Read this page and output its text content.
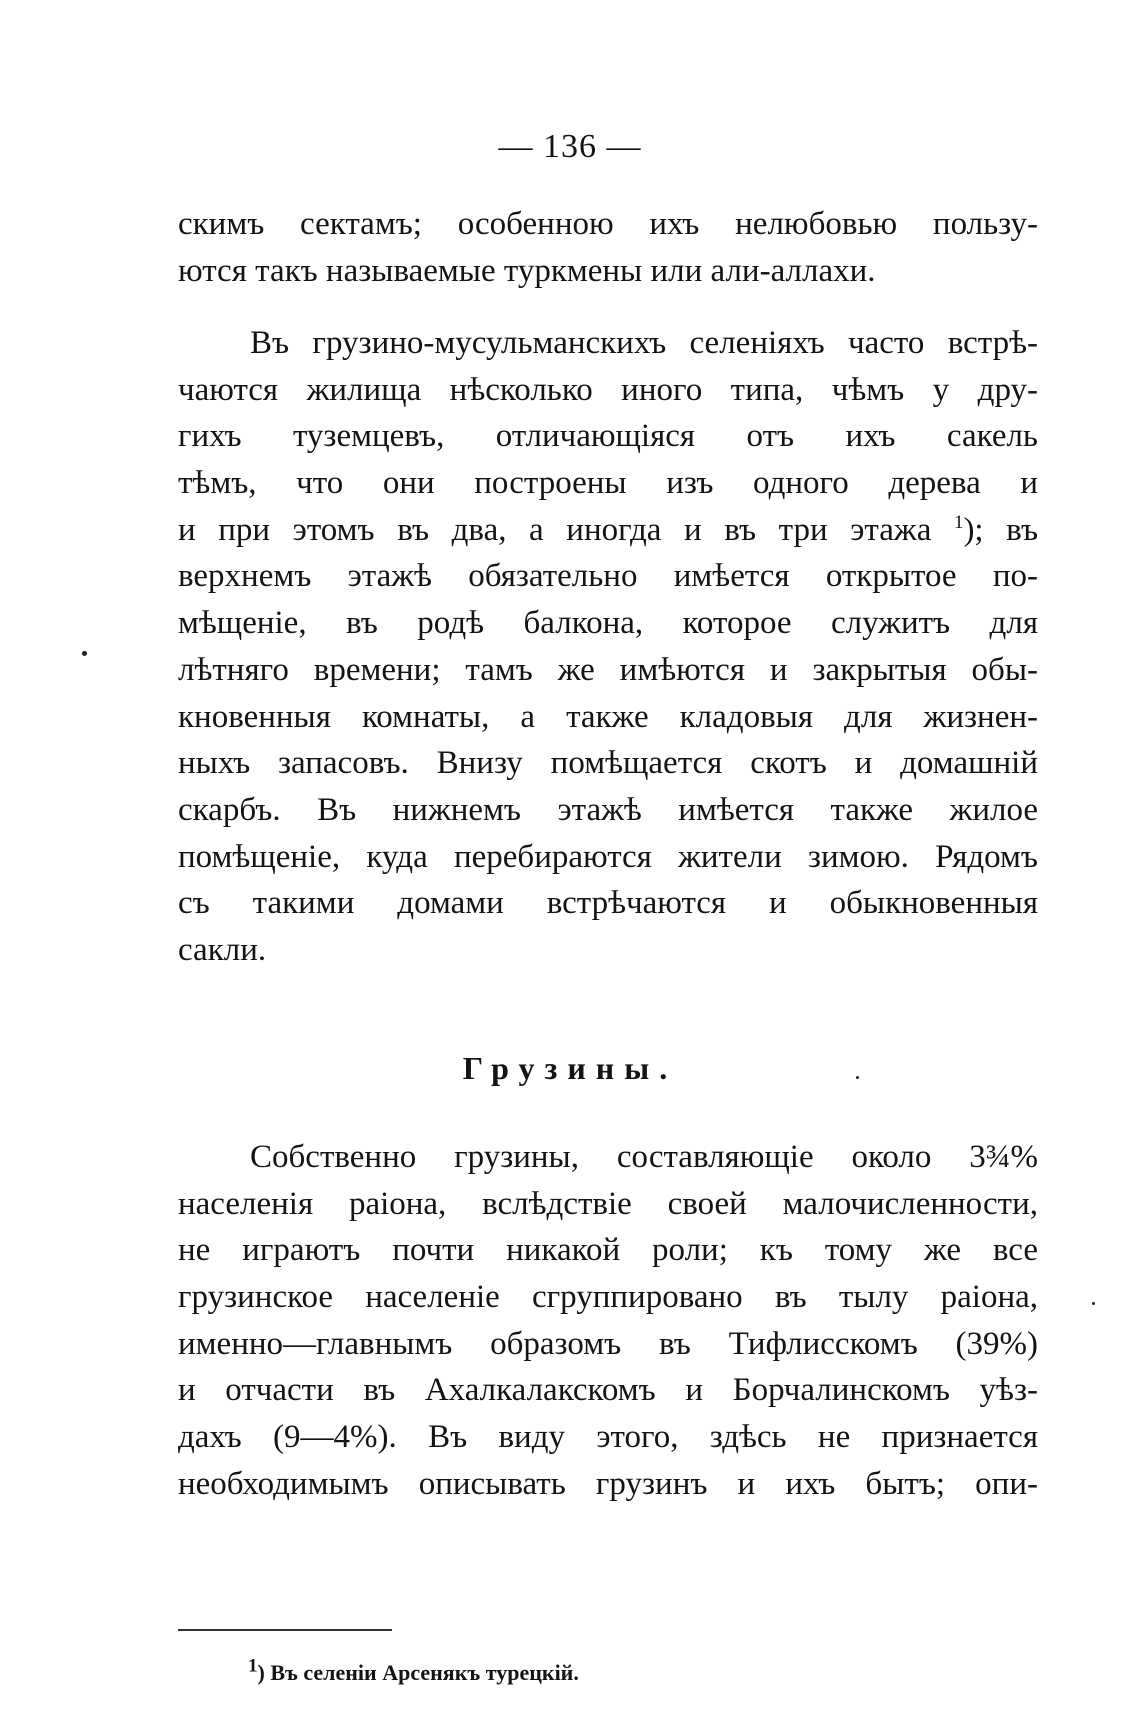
— 136 —
скимъ сектамъ; особенною ихъ нелюбовью пользу-
ются такъ называемые туркмены или али-аллахи.
Въ грузино-мусульманскихъ селеніяхъ часто встрѣ-
чаются жилища нѣсколько иного типа, чѣмъ у дру-
гихъ туземцевъ, отличающіяся отъ ихъ сакель
тѣмъ, что они построены изъ одного дерева и
и при этомъ въ два, а иногда и въ три этажа $^1$); въ
верхнемъ этажѣ обязательно имѣется открытое по-
мѣщеніе, въ родѣ балкона, которое служитъ для
лѣтняго времени; тамъ же имѣются и закрытыя обы-
кновенныя комнаты, а также кладовыя для жизнен-
ныхъ запасовъ. Внизу помѣщается скотъ и домашній
скарбъ. Въ нижнемъ этажѣ имѣется также жилое
помѣщеніе, куда перебираются жители зимою. Рядомъ
съ такими домами встрѣчаются и обыкновенныя
сакли.
Грузины.
Собственно грузины, составляющіе около 3¾%
населенія раіона, вслѣдствіе своей малочисленности,
не играютъ почти никакой роли; къ тому же все
грузинское населеніе сгруппировано въ тылу раіона,
именно—главнымъ образомъ въ Тифлисскомъ (39%)
и отчасти въ Ахалкалакскомъ и Борчалинскомъ уѣз-
дахъ (9—4%). Въ виду этого, здѣсь не признается
необходимымъ описывать грузинъ и ихъ бытъ; опи-
1) Въ селеніи Арсенякъ турецкій.
